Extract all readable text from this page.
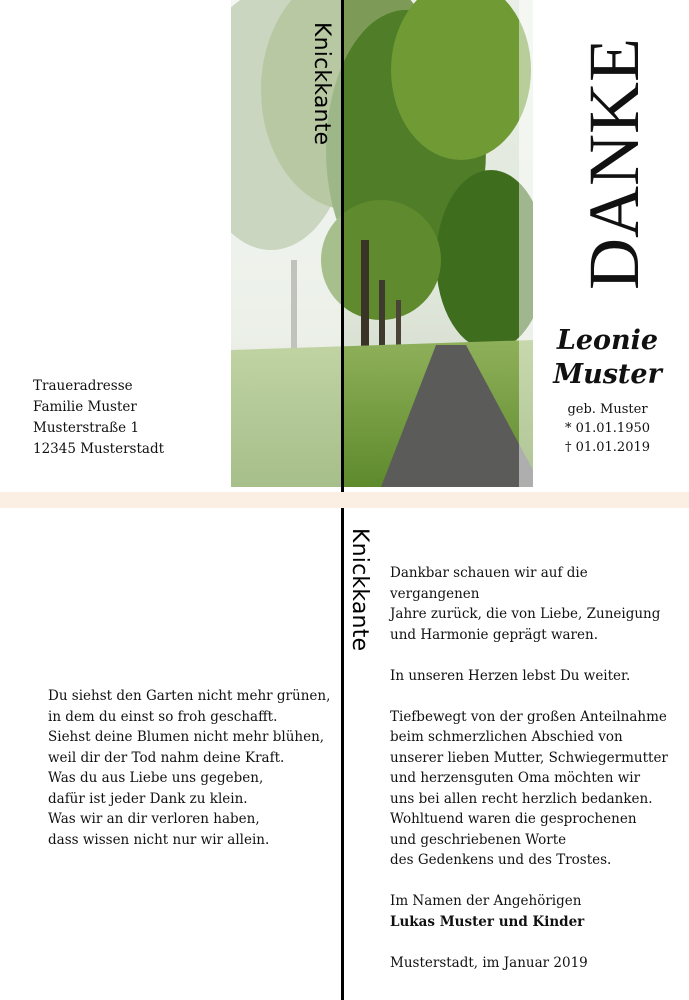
Knickkante
Knickkante
Traueradresse
Familie Muster
Musterstraße 1
12345 Musterstadt
DANKE
Leonie
Muster
geb. Muster
* 01.01.1950
† 01.01.2019
Du siehst den Garten nicht mehr grünen,
in dem du einst so froh geschafft.
Siehst deine Blumen nicht mehr blühen,
weil dir der Tod nahm deine Kraft.
Was du aus Liebe uns gegeben,
dafür ist jeder Dank zu klein.
Was wir an dir verloren haben,
dass wissen nicht nur wir allein.

Dankbar schauen wir auf die vergangenen
Jahre zurück, die von Liebe, Zuneigung
und Harmonie geprägt waren.

In unseren Herzen lebst Du weiter.

Tiefbewegt von der großen Anteilnahme
beim schmerzlichen Abschied von
unserer lieben Mutter, Schwiegermutter
und herzensguten Oma möchten wir
uns bei allen recht herzlich bedanken.
Wohltuend waren die gesprochenen
und geschriebenen Worte
des Gedenkens und des Trostes.

Im Namen der Angehörigen
Lukas Muster und Kinder

Musterstadt, im Januar 2019
